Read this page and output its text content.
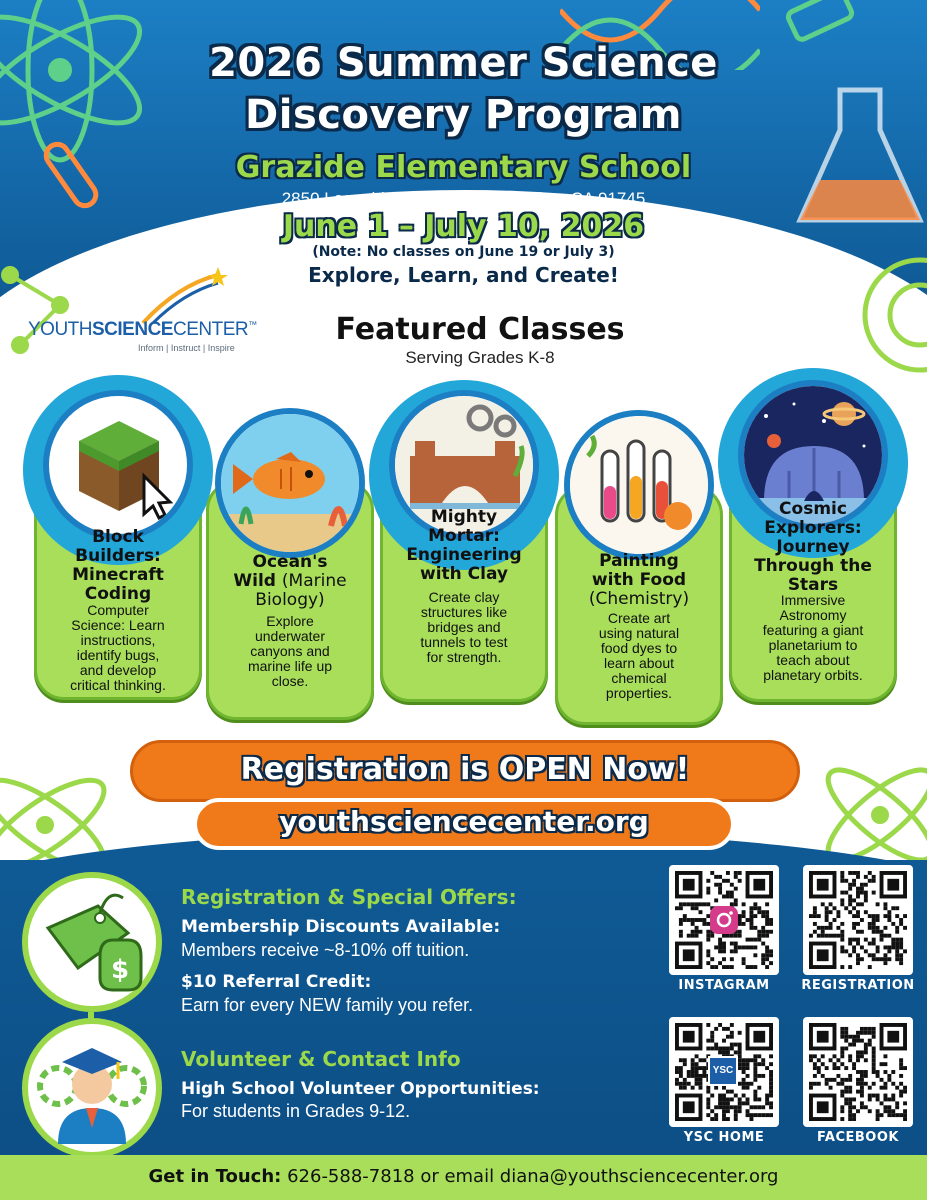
2026 Summer Science
Discovery Program
Grazide Elementary School
2850 Leopold Ave, Hacienda Heights, CA 91745
June 1 – July 10, 2026
(Note: No classes on June 19 or July 3)
Explore, Learn, and Create!
YOUTHSCIENCECENTER™
Inform | Instruct | Inspire
Featured Classes
Serving Grades K-8
Block
Builders:
Minecraft
Coding
Computer
Science: Learn
instructions,
identify bugs,
and develop
critical thinking.
Ocean's
Wild (Marine
Biology)
Explore
underwater
canyons and
marine life up
close.
Mighty
Mortar:
Engineering
with Clay
Create clay
structures like
bridges and
tunnels to test
for strength.
Painting
with Food
(Chemistry)
Create art
using natural
food dyes to
learn about
chemical
properties.
Cosmic
Explorers:
Journey
Through the
Stars
Immersive
Astronomy
featuring a giant
planetarium to
teach about
planetary orbits.
Registration is OPEN Now!
youthsciencecenter.org
$
Registration & Special Offers:
Membership Discounts Available:
Members receive ~8-10% off tuition.
$10 Referral Credit:
Earn for every NEW family you refer.
Volunteer & Contact Info
High School Volunteer Opportunities:
For students in Grades 9-12.
INSTAGRAM	REGISTRATION
YSC HOME	FACEBOOK
YSC
Get in Touch: 626-588-7818 or email diana@youthsciencecenter.org
